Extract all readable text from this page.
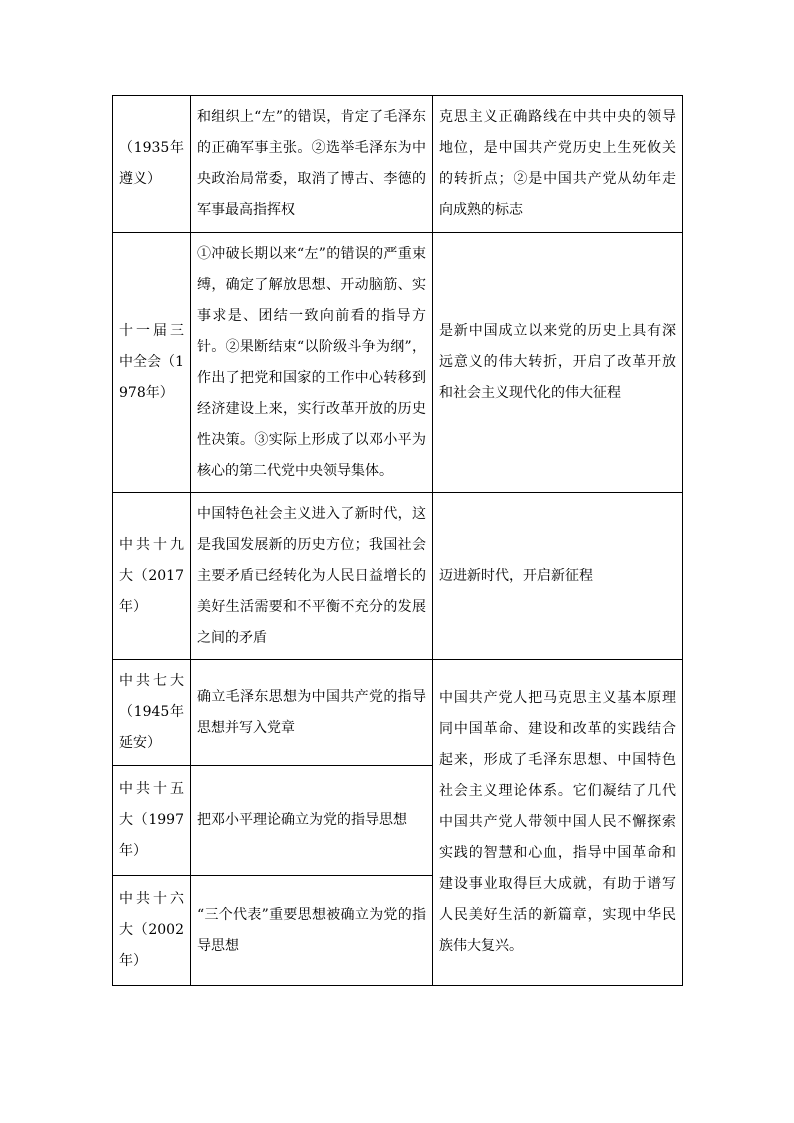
（1935年遵义）	和组织上“左”的错误，肯定了毛泽东的正确军事主张。②选举毛泽东为中央政治局常委，取消了博古、李德的军事最高指挥权	克思主义正确路线在中共中央的领导地位，是中国共产党历史上生死攸关的转折点；②是中国共产党从幼年走向成熟的标志

十一届三中全会（1978年）	①冲破长期以来“左”的错误的严重束缚，确定了解放思想、开动脑筋、实事求是、团结一致向前看的指导方针。②果断结束“以阶级斗争为纲”，作出了把党和国家的工作中心转移到经济建设上来，实行改革开放的历史性决策。③实际上形成了以邓小平为核心的第二代党中央领导集体。	是新中国成立以来党的历史上具有深远意义的伟大转折，开启了改革开放和社会主义现代化的伟大征程

中共十九大（2017年）	中国特色社会主义进入了新时代，这是我国发展新的历史方位；我国社会主要矛盾已经转化为人民日益增长的美好生活需要和不平衡不充分的发展之间的矛盾	迈进新时代，开启新征程

中共七大（1945年延安）	确立毛泽东思想为中国共产党的指导思想并写入党章	中国共产党人把马克思主义基本原理同中国革命、建设和改革的实践结合起来，形成了毛泽东思想、中国特色社会主义理论体系。它们凝结了几代中国共产党人带领中国人民不懈探索实践的智慧和心血，指导中国革命和建设事业取得巨大成就，有助于谱写人民美好生活的新篇章，实现中华民族伟大复兴。

中共十五大（1997年）	把邓小平理论确立为党的指导思想	

中共十六大（2002年）	“三个代表”重要思想被确立为党的指导思想	
